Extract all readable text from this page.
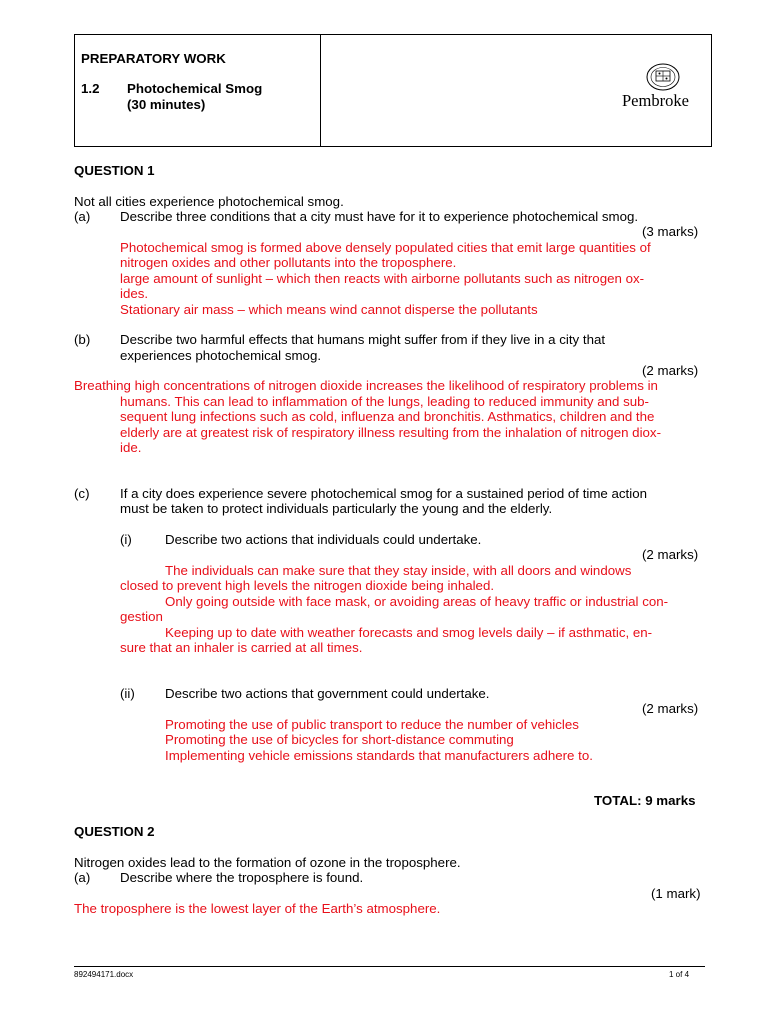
PREPARATORY WORK
1.2 Photochemical Smog
(30 minutes)	Pembroke
QUESTION 1
Not all cities experience photochemical smog.
(a) Describe three conditions that a city must have for it to experience photochemical smog.
(3 marks)
Photochemical smog is formed above densely populated cities that emit large quantities of
nitrogen oxides and other pollutants into the troposphere.
large amount of sunlight – which then reacts with airborne pollutants such as nitrogen ox-
ides.
Stationary air mass – which means wind cannot disperse the pollutants
(b) Describe two harmful effects that humans might suffer from if they live in a city that
experiences photochemical smog.
(2 marks)
Breathing high concentrations of nitrogen dioxide increases the likelihood of respiratory problems in
humans. This can lead to inflammation of the lungs, leading to reduced immunity and sub-
sequent lung infections such as cold, influenza and bronchitis. Asthmatics, children and the
elderly are at greatest risk of respiratory illness resulting from the inhalation of nitrogen diox-
ide.
(c) If a city does experience severe photochemical smog for a sustained period of time action
must be taken to protect individuals particularly the young and the elderly.
(i) Describe two actions that individuals could undertake.
(2 marks)
The individuals can make sure that they stay inside, with all doors and windows
closed to prevent high levels the nitrogen dioxide being inhaled.
Only going outside with face mask, or avoiding areas of heavy traffic or industrial con-
gestion
Keeping up to date with weather forecasts and smog levels daily – if asthmatic, en-
sure that an inhaler is carried at all times.
(ii) Describe two actions that government could undertake.
(2 marks)
Promoting the use of public transport to reduce the number of vehicles
Promoting the use of bicycles for short-distance commuting
Implementing vehicle emissions standards that manufacturers adhere to.
TOTAL: 9 marks
QUESTION 2
Nitrogen oxides lead to the formation of ozone in the troposphere.
(a) Describe where the troposphere is found.
(1 mark)
The troposphere is the lowest layer of the Earth’s atmosphere.
892494171.docx	1 of 4
